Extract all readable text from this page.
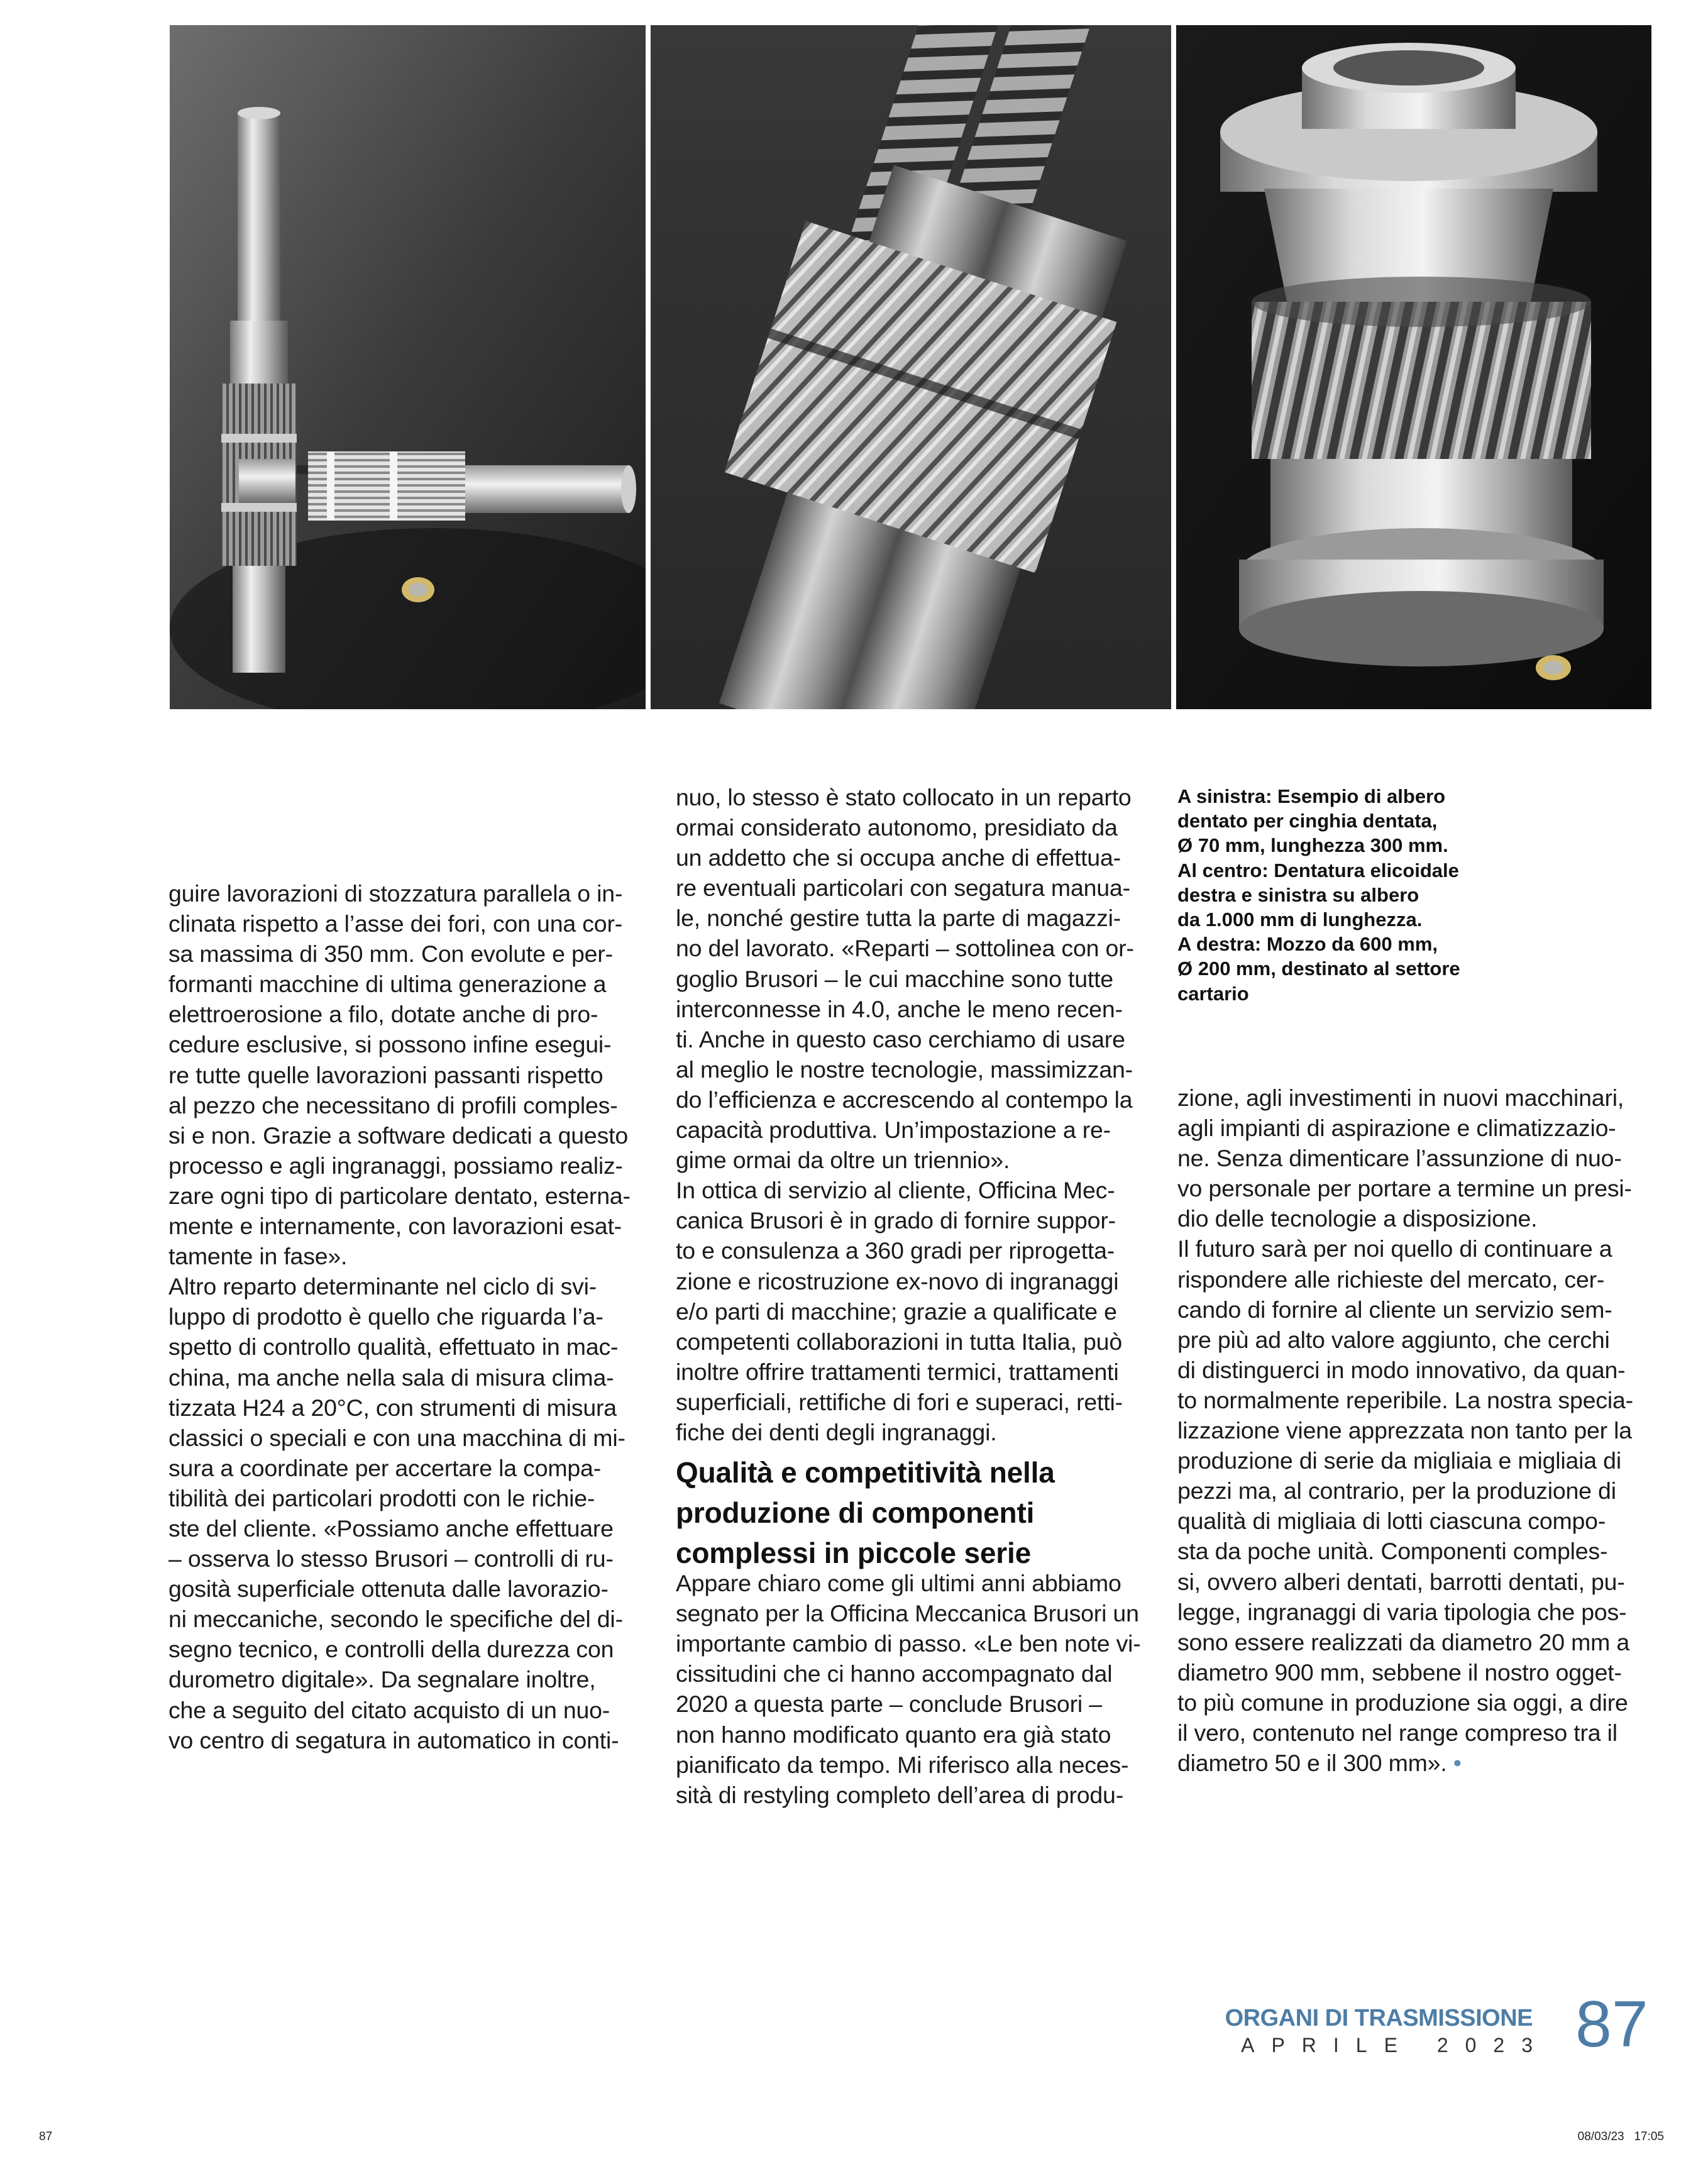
guire lavorazioni di stozzatura parallela o in-

clinata rispetto a l’asse dei fori, con una cor-

sa massima di 350 mm. Con evolute e per-

formanti macchine di ultima generazione a

elettroerosione a filo, dotate anche di pro-

cedure esclusive, si possono infine esegui-

re tutte quelle lavorazioni passanti rispetto

al pezzo che necessitano di profili comples-

si e non. Grazie a software dedicati a questo

processo e agli ingranaggi, possiamo realiz-

zare ogni tipo di particolare dentato, esterna-

mente e internamente, con lavorazioni esat-

tamente in fase».

Altro reparto determinante nel ciclo di svi-

luppo di prodotto è quello che riguarda l’a-

spetto di controllo qualità, effettuato in mac-

china, ma anche nella sala di misura clima-

tizzata H24 a 20°C, con strumenti di misura

classici o speciali e con una macchina di mi-

sura a coordinate per accertare la compa-

tibilità dei particolari prodotti con le richie-

ste del cliente. «Possiamo anche effettuare

– osserva lo stesso Brusori – controlli di ru-

gosità superficiale ottenuta dalle lavorazio-

ni meccaniche, secondo le specifiche del di-

segno tecnico, e controlli della durezza con

durometro digitale». Da segnalare inoltre,

che a seguito del citato acquisto di un nuo-

vo centro di segatura in automatico in conti-

nuo, lo stesso è stato collocato in un reparto

ormai considerato autonomo, presidiato da

un addetto che si occupa anche di effettua-

re eventuali particolari con segatura manua-

le, nonché gestire tutta la parte di magazzi-

no del lavorato. «Reparti – sottolinea con or-

goglio Brusori – le cui macchine sono tutte

interconnesse in 4.0, anche le meno recen-

ti. Anche in questo caso cerchiamo di usare

al meglio le nostre tecnologie, massimizzan-

do l’efficienza e accrescendo al contempo la

capacità produttiva. Un’impostazione a re-

gime ormai da oltre un triennio».

In ottica di servizio al cliente, Officina Mec-

canica Brusori è in grado di fornire suppor-

to e consulenza a 360 gradi per riprogetta-

zione e ricostruzione ex-novo di ingranaggi

e/o parti di macchine; grazie a qualificate e

competenti collaborazioni in tutta Italia, può

inoltre offrire trattamenti termici, trattamenti

superficiali, rettifiche di fori e superaci, retti-

fiche dei denti degli ingranaggi.

Qualità e competitività nella

produzione di componenti

complessi in piccole serie

Appare chiaro come gli ultimi anni abbiamo

segnato per la Officina Meccanica Brusori un

importante cambio di passo. «Le ben note vi-

cissitudini che ci hanno accompagnato dal

2020 a questa parte – conclude Brusori –

non hanno modificato quanto era già stato

pianificato da tempo. Mi riferisco alla neces-

sità di restyling completo dell’area di produ-

A sinistra: Esempio di albero

dentato per cinghia dentata,

Ø 70 mm, lunghezza 300 mm.

Al centro: Dentatura elicoidale

destra e sinistra su albero

da 1.000 mm di lunghezza.

A destra: Mozzo da 600 mm,

Ø 200 mm, destinato al settore

cartario

zione, agli investimenti in nuovi macchinari,

agli impianti di aspirazione e climatizzazio-

ne. Senza dimenticare l’assunzione di nuo-

vo personale per portare a termine un presi-

dio delle tecnologie a disposizione.

Il futuro sarà per noi quello di continuare a

rispondere alle richieste del mercato, cer-

cando di fornire al cliente un servizio sem-

pre più ad alto valore aggiunto, che cerchi

di distinguerci in modo innovativo, da quan-

to normalmente reperibile. La nostra specia-

lizzazione viene apprezzata non tanto per la

produzione di serie da migliaia e migliaia di

pezzi ma, al contrario, per la produzione di

qualità di migliaia di lotti ciascuna compo-

sta da poche unità. Componenti comples-

si, ovvero alberi dentati, barrotti dentati, pu-

legge, ingranaggi di varia tipologia che pos-

sono essere realizzati da diametro 20 mm a

diametro 900 mm, sebbene il nostro ogget-

to più comune in produzione sia oggi, a dire

il vero, contenuto nel range compreso tra il

diametro 50 e il 300 mm». •

ORGANI DI TRASMISSIONE
APRILE 2023 87
87	08/03/23   17:05
